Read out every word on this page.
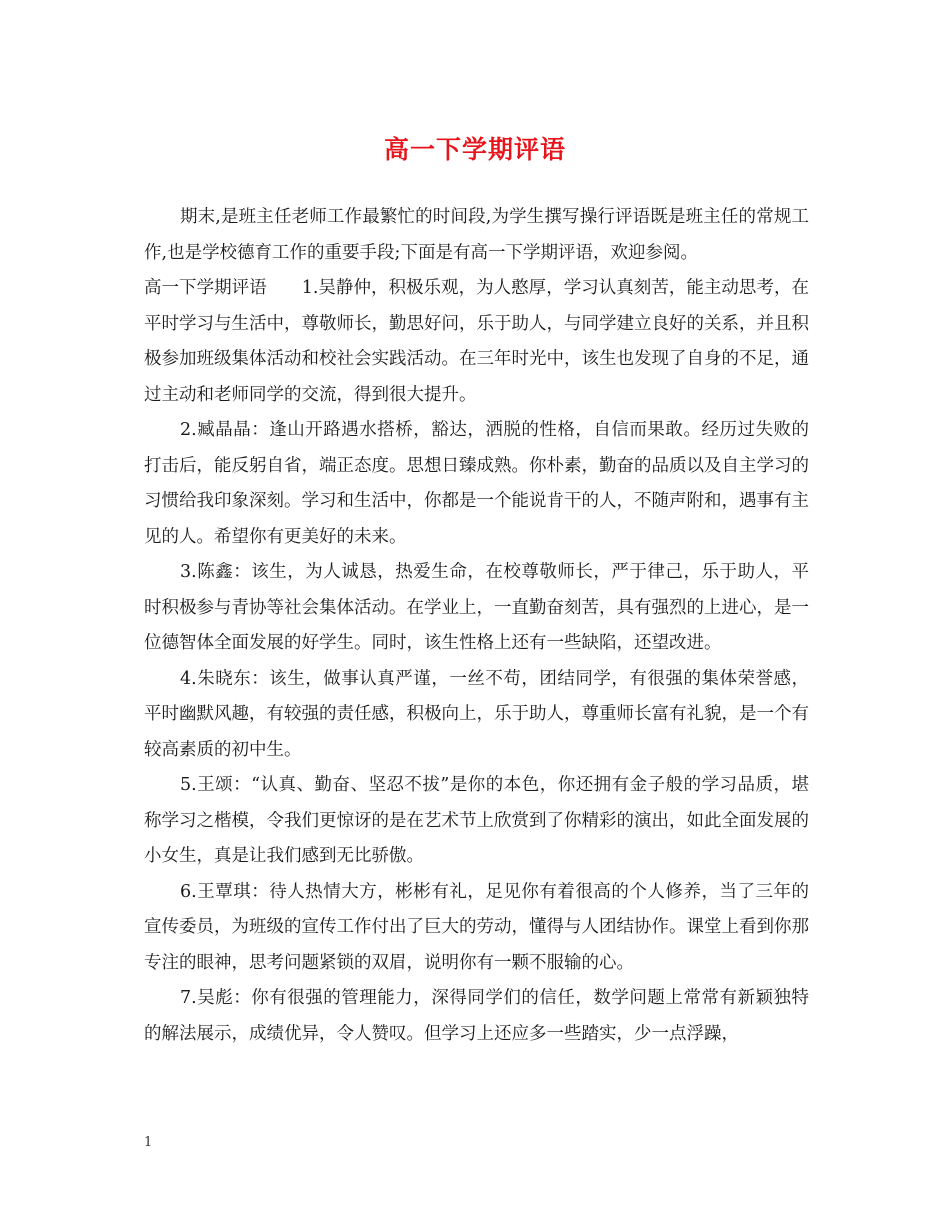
高一下学期评语

期末,是班主任老师工作最繁忙的时间段,为学生撰写操行评语既是班主任的常规工作,也是学校德育工作的重要手段;下面是有高一下学期评语，欢迎参阅。

高一下学期评语　　1.吴静仲，积极乐观，为人憨厚，学习认真刻苦，能主动思考，在平时学习与生活中，尊敬师长，勤思好问，乐于助人，与同学建立良好的关系，并且积极参加班级集体活动和校社会实践活动。在三年时光中，该生也发现了自身的不足，通过主动和老师同学的交流，得到很大提升。

2.臧晶晶：逢山开路遇水搭桥，豁达，洒脱的性格，自信而果敢。经历过失败的打击后，能反躬自省，端正态度。思想日臻成熟。你朴素，勤奋的品质以及自主学习的习惯给我印象深刻。学习和生活中，你都是一个能说肯干的人，不随声附和，遇事有主见的人。希望你有更美好的未来。

3.陈鑫：该生，为人诚恳，热爱生命，在校尊敬师长，严于律己，乐于助人，平时积极参与青协等社会集体活动。在学业上，一直勤奋刻苦，具有强烈的上进心，是一位德智体全面发展的好学生。同时，该生性格上还有一些缺陷，还望改进。

4.朱晓东：该生，做事认真严谨，一丝不苟，团结同学，有很强的集体荣誉感，平时幽默风趣，有较强的责任感，积极向上，乐于助人，尊重师长富有礼貌，是一个有较高素质的初中生。

5.王颂：“认真、勤奋、坚忍不拔”是你的本色，你还拥有金子般的学习品质，堪称学习之楷模，令我们更惊讶的是在艺术节上欣赏到了你精彩的演出，如此全面发展的小女生，真是让我们感到无比骄傲。

6.王覃琪：待人热情大方，彬彬有礼，足见你有着很高的个人修养，当了三年的宣传委员，为班级的宣传工作付出了巨大的劳动，懂得与人团结协作。课堂上看到你那专注的眼神，思考问题紧锁的双眉，说明你有一颗不服输的心。

7.吴彪：你有很强的管理能力，深得同学们的信任，数学问题上常常有新颖独特的解法展示，成绩优异，令人赞叹。但学习上还应多一些踏实，少一点浮躁，

1
